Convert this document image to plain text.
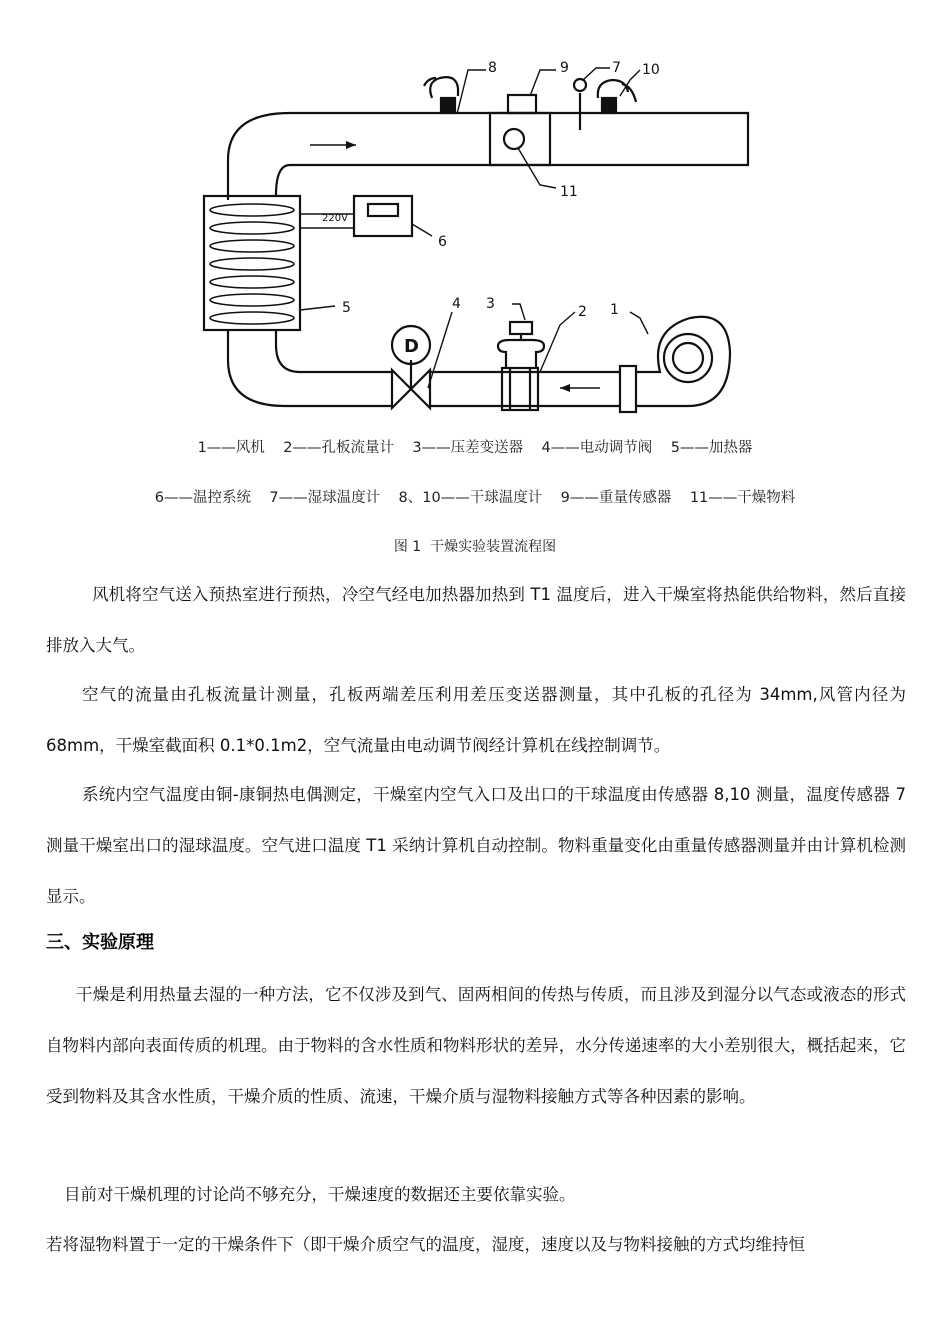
D
220V
1
2
3
4
5
6
7
8	9	10
11
1——风机    2——孔板流量计    3——压差变送器    4——电动调节阀    5——加热器
6——温控系统    7——湿球温度计    8、10——干球温度计    9——重量传感器    11——干燥物料
图 1  干燥实验装置流程图
风机将空气送入预热室进行预热，冷空气经电加热器加热到 T1 温度后，进入干燥室将热能供给物料，然后直接排放入大气。
空气的流量由孔板流量计测量，孔板两端差压利用差压变送器测量，其中孔板的孔径为 34mm,风管内径为 68mm，干燥室截面积 0.1*0.1m2，空气流量由电动调节阀经计算机在线控制调节。
系统内空气温度由铜-康铜热电偶测定，干燥室内空气入口及出口的干球温度由传感器 8,10 测量，温度传感器 7 测量干燥室出口的湿球温度。空气进口温度 T1 采纳计算机自动控制。物料重量变化由重量传感器测量并由计算机检测显示。
三、实验原理
干燥是利用热量去湿的一种方法，它不仅涉及到气、固两相间的传热与传质，而且涉及到湿分以气态或液态的形式自物料内部向表面传质的机理。由于物料的含水性质和物料形状的差异，水分传递速率的大小差别很大，概括起来，它受到物料及其含水性质，干燥介质的性质、流速，干燥介质与湿物料接触方式等各种因素的影响。
目前对干燥机理的讨论尚不够充分，干燥速度的数据还主要依靠实验。
若将湿物料置于一定的干燥条件下（即干燥介质空气的温度，湿度，速度以及与物料接触的方式均维持恒
